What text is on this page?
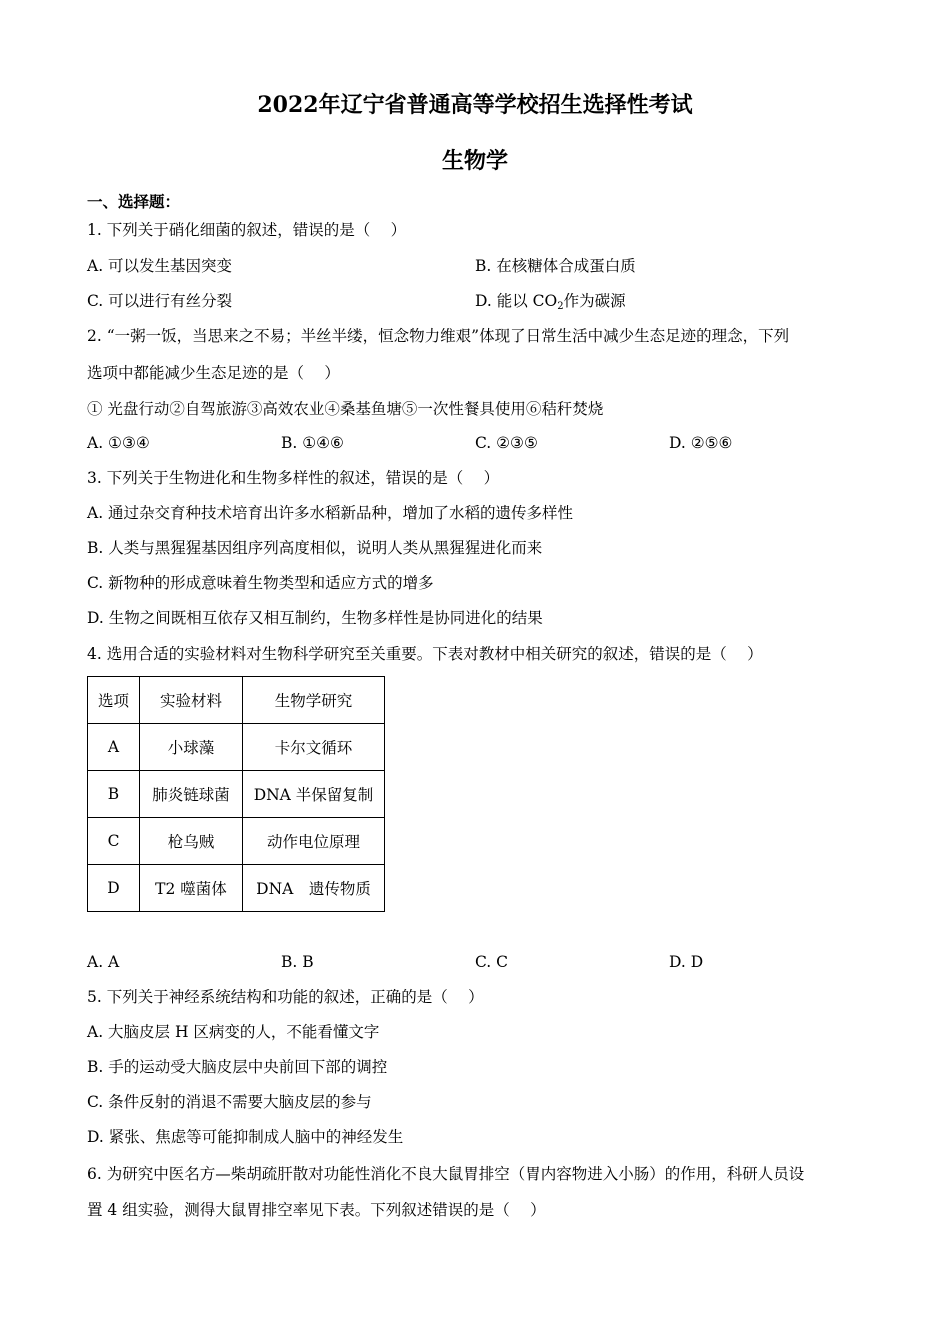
2022年辽宁省普通高等学校招生选择性考试
生物学
一、选择题：
1. 下列关于硝化细菌的叙述，错误的是（　 ）
A. 可以发生基因突变	B. 在核糖体合成蛋白质
C. 可以进行有丝分裂	D. 能以 $CO_2$作为碳源
2. “一粥一饭，当思来之不易；半丝半缕，恒念物力维艰”体现了日常生活中减少生态足迹的理念，下列
选项中都能减少生态足迹的是（　 ）
① 光盘行动②自驾旅游③高效农业④桑基鱼塘⑤一次性餐具使用⑥秸秆焚烧
A. ①③④	B. ①④⑥	C. ②③⑤	D. ②⑤⑥
3. 下列关于生物进化和生物多样性的叙述，错误的是（　 ）
A. 通过杂交育种技术培育出许多水稻新品种，增加了水稻的遗传多样性
B. 人类与黑猩猩基因组序列高度相似，说明人类从黑猩猩进化而来
C. 新物种的形成意味着生物类型和适应方式的增多
D. 生物之间既相互依存又相互制约，生物多样性是协同进化的结果
4. 选用合适的实验材料对生物科学研究至关重要。下表对教材中相关研究的叙述，错误的是（　 ）
选项	实验材料	生物学研究
A	小球藻	卡尔文循环
B	肺炎链球菌	DNA 半保留复制
C	枪乌贼	动作电位原理
D	T2 噬菌体	DNA　遗传物质
A. A	B. B	C. C	D. D
5. 下列关于神经系统结构和功能的叙述，正确的是（　 ）
A. 大脑皮层 H 区病变的人，不能看懂文字
B. 手的运动受大脑皮层中央前回下部的调控
C. 条件反射的消退不需要大脑皮层的参与
D. 紧张、焦虑等可能抑制成人脑中的神经发生
6. 为研究中医名方—柴胡疏肝散对功能性消化不良大鼠胃排空（胃内容物进入小肠）的作用，科研人员设
置 4 组实验，测得大鼠胃排空率见下表。下列叙述错误的是（　 ）
